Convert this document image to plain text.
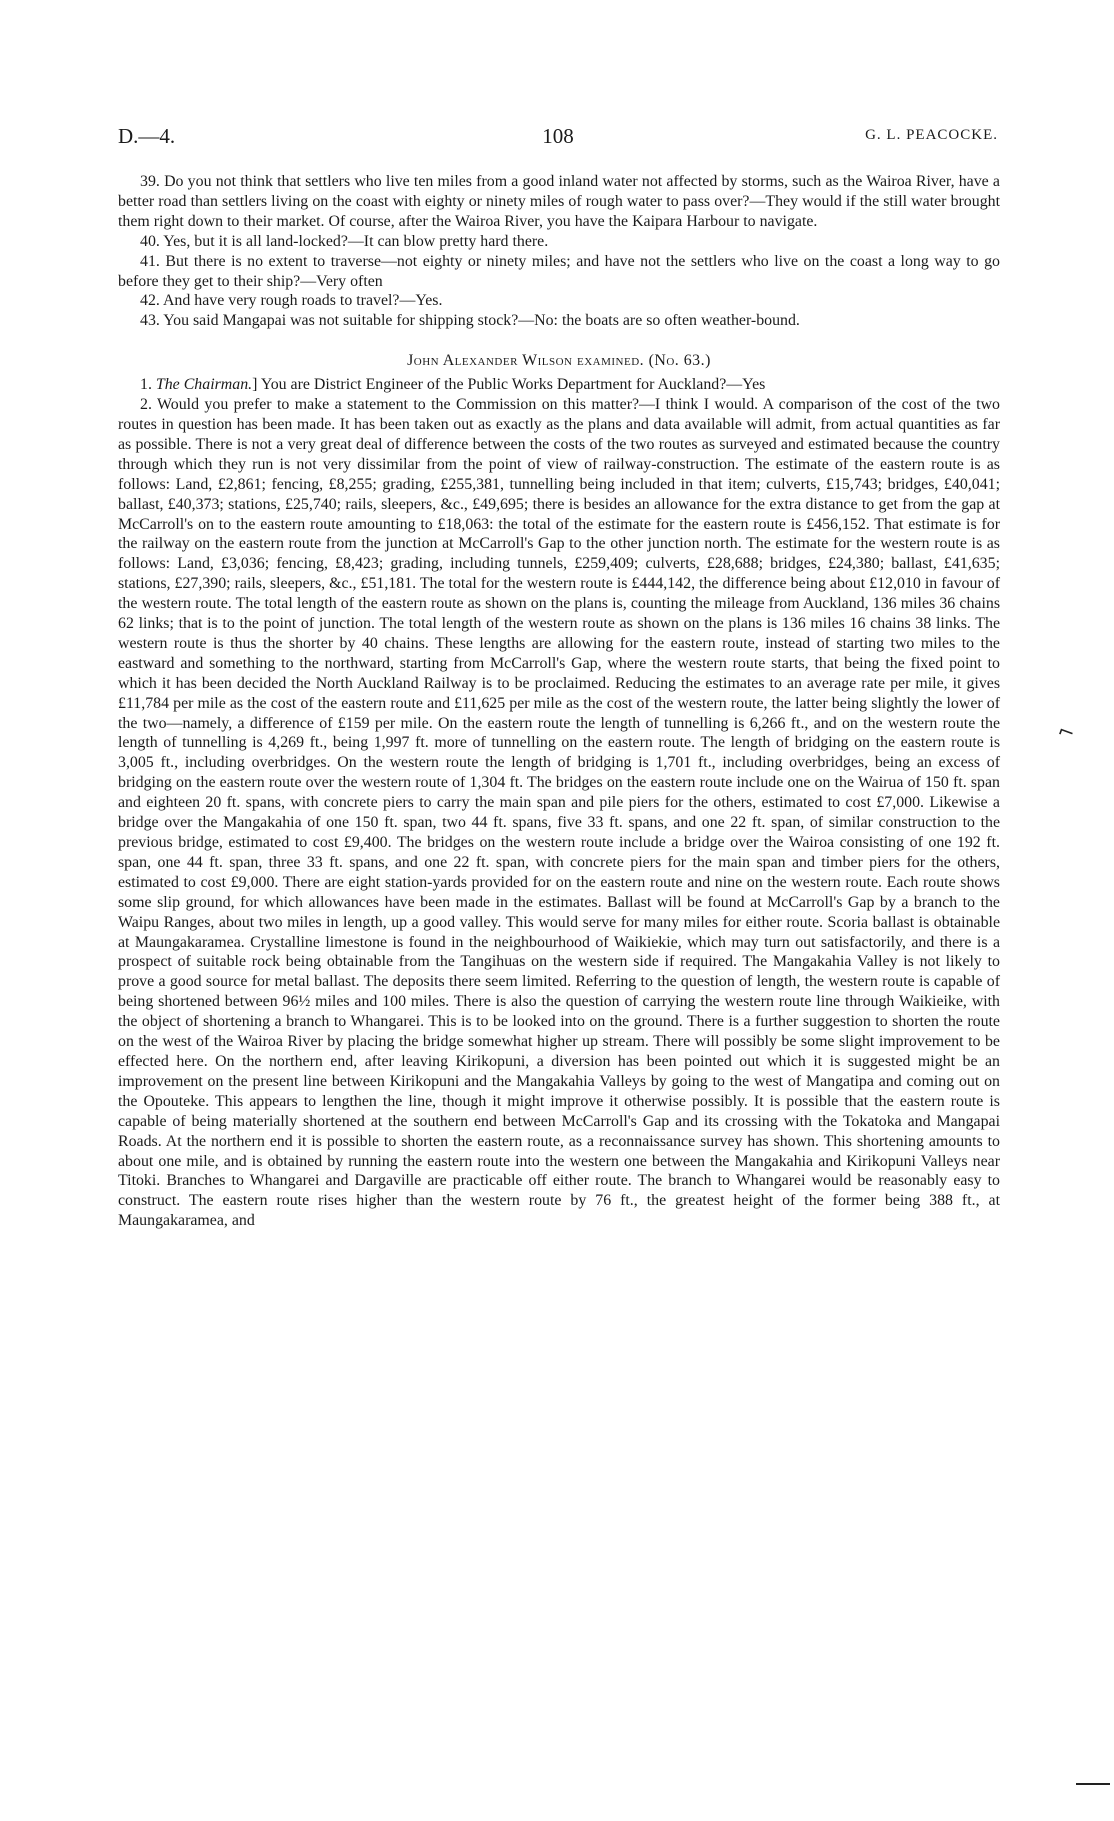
D.—4.	108	G. L. PEACOCKE.

39. Do you not think that settlers who live ten miles from a good inland water not affected by storms, such as the Wairoa River, have a better road than settlers living on the coast with eighty or ninety miles of rough water to pass over?—They would if the still water brought them right down to their market. Of course, after the Wairoa River, you have the Kaipara Harbour to navigate.

40. Yes, but it is all land-locked?—It can blow pretty hard there.

41. But there is no extent to traverse—not eighty or ninety miles; and have not the settlers who live on the coast a long way to go before they get to their ship?—Very often

42. And have very rough roads to travel?—Yes.

43. You said Mangapai was not suitable for shipping stock?—No: the boats are so often weather-bound.

John Alexander Wilson examined. (No. 63.)

1. The Chairman.] You are District Engineer of the Public Works Department for Auckland?—Yes

2. Would you prefer to make a statement to the Commission on this matter?—I think I would. A comparison of the cost of the two routes in question has been made. It has been taken out as exactly as the plans and data available will admit, from actual quantities as far as possible. There is not a very great deal of difference between the costs of the two routes as surveyed and estimated because the country through which they run is not very dissimilar from the point of view of railway-construction. The estimate of the eastern route is as follows: Land, £2,861; fencing, £8,255; grading, £255,381, tunnelling being included in that item; culverts, £15,743; bridges, £40,041; ballast, £40,373; stations, £25,740; rails, sleepers, &c., £49,695; there is besides an allowance for the extra distance to get from the gap at McCarroll's on to the eastern route amounting to £18,063: the total of the estimate for the eastern route is £456,152. That estimate is for the railway on the eastern route from the junction at McCarroll's Gap to the other junction north. The estimate for the western route is as follows: Land, £3,036; fencing, £8,423; grading, including tunnels, £259,409; culverts, £28,688; bridges, £24,380; ballast, £41,635; stations, £27,390; rails, sleepers, &c., £51,181. The total for the western route is £444,142, the difference being about £12,010 in favour of the western route. The total length of the eastern route as shown on the plans is, counting the mileage from Auckland, 136 miles 36 chains 62 links; that is to the point of junction. The total length of the western route as shown on the plans is 136 miles 16 chains 38 links. The western route is thus the shorter by 40 chains. These lengths are allowing for the eastern route, instead of starting two miles to the eastward and something to the northward, starting from McCarroll's Gap, where the western route starts, that being the fixed point to which it has been decided the North Auckland Railway is to be proclaimed. Reducing the estimates to an average rate per mile, it gives £11,784 per mile as the cost of the eastern route and £11,625 per mile as the cost of the western route, the latter being slightly the lower of the two—namely, a difference of £159 per mile. On the eastern route the length of tunnelling is 6,266 ft., and on the western route the length of tunnelling is 4,269 ft., being 1,997 ft. more of tunnelling on the eastern route. The length of bridging on the eastern route is 3,005 ft., including overbridges. On the western route the length of bridging is 1,701 ft., including overbridges, being an excess of bridging on the eastern route over the western route of 1,304 ft. The bridges on the eastern route include one on the Wairua of 150 ft. span and eighteen 20 ft. spans, with concrete piers to carry the main span and pile piers for the others, estimated to cost £7,000. Likewise a bridge over the Mangakahia of one 150 ft. span, two 44 ft. spans, five 33 ft. spans, and one 22 ft. span, of similar construction to the previous bridge, estimated to cost £9,400. The bridges on the western route include a bridge over the Wairoa consisting of one 192 ft. span, one 44 ft. span, three 33 ft. spans, and one 22 ft. span, with concrete piers for the main span and timber piers for the others, estimated to cost £9,000. There are eight station-yards provided for on the eastern route and nine on the western route. Each route shows some slip ground, for which allowances have been made in the estimates. Ballast will be found at McCarroll's Gap by a branch to the Waipu Ranges, about two miles in length, up a good valley. This would serve for many miles for either route. Scoria ballast is obtainable at Maungakaramea. Crystalline limestone is found in the neighbourhood of Waikiekie, which may turn out satisfactorily, and there is a prospect of suitable rock being obtainable from the Tangihuas on the western side if required. The Mangakahia Valley is not likely to prove a good source for metal ballast. The deposits there seem limited. Referring to the question of length, the western route is capable of being shortened between 96½ miles and 100 miles. There is also the question of carrying the western route line through Waikieike, with the object of shortening a branch to Whangarei. This is to be looked into on the ground. There is a further suggestion to shorten the route on the west of the Wairoa River by placing the bridge somewhat higher up stream. There will possibly be some slight improvement to be effected here. On the northern end, after leaving Kirikopuni, a diversion has been pointed out which it is suggested might be an improvement on the present line between Kirikopuni and the Mangakahia Valleys by going to the west of Mangatipa and coming out on the Opouteke. This appears to lengthen the line, though it might improve it otherwise possibly. It is possible that the eastern route is capable of being materially shortened at the southern end between McCarroll's Gap and its crossing with the Tokatoka and Mangapai Roads. At the northern end it is possible to shorten the eastern route, as a reconnaissance survey has shown. This shortening amounts to about one mile, and is obtained by running the eastern route into the western one between the Mangakahia and Kirikopuni Valleys near Titoki. Branches to Whangarei and Dargaville are practicable off either route. The branch to Whangarei would be reasonably easy to construct. The eastern route rises higher than the western route by 76 ft., the greatest height of the former being 388 ft., at Maungakaramea, and

⌐
